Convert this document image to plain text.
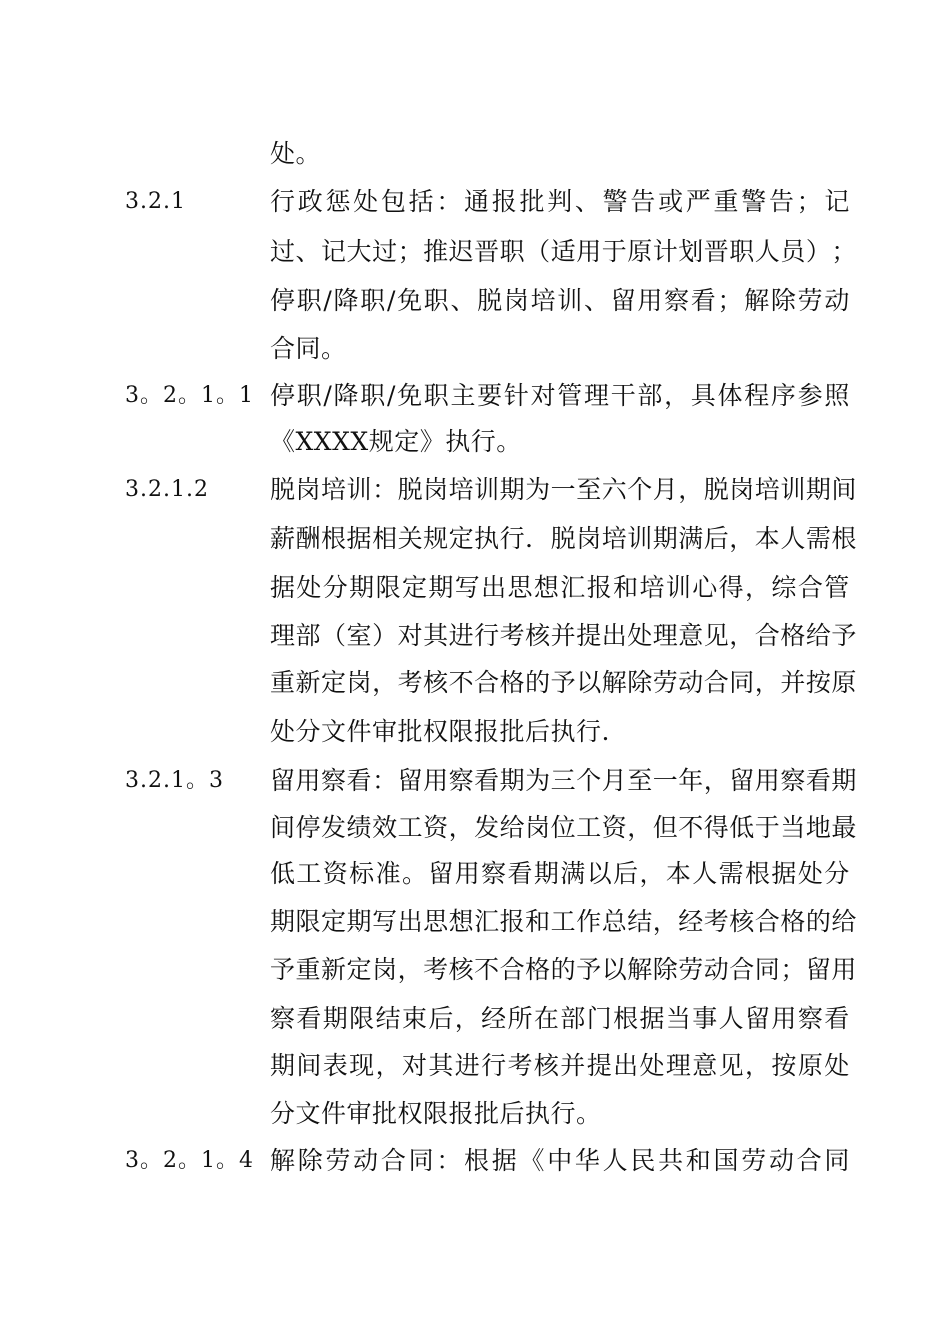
处。
3.2.1	行 政 惩 处 包 括 ： 通 报 批 判 、 警 告 或 严 重 警 告 ； 记
过 、 记 大 过 ； 推 迟 晋 职 （ 适 用 于 原 计 划 晋 职 人 员 ） ；
停 职 / 降 职 / 免 职 、 脱 岗 培 训 、 留 用 察 看 ； 解 除 劳 动
合同。
3。2。1。1 停 职 / 降 职 / 免 职 主 要 针 对 管 理 干 部 ， 具 体 程 序 参 照
《XXXX规定》执行。
3.2.1.2 脱 岗 培 训 ： 脱 岗 培 训 期 为 一 至 六 个 月 ， 脱 岗 培 训 期 间
薪 酬 根 据 相 关 规 定 执 行 ． 脱 岗 培 训 期 满 后 ， 本 人 需 根
据 处 分 期 限 定 期 写 出 思 想 汇 报 和 培 训 心 得 ， 综 合 管
理 部 （ 室 ） 对 其 进 行 考 核 并 提 出 处 理 意 见 ， 合 格 给 予
重 新 定 岗 ， 考 核 不 合 格 的 予 以 解 除 劳 动 合 同 ， 并 按 原
处分文件审批权限报批后执行.
3.2.1。3 留 用 察 看 ： 留 用 察 看 期 为 三 个 月 至 一 年 ， 留 用 察 看 期
间 停 发 绩 效 工 资 ， 发 给 岗 位 工 资 ， 但 不 得 低 于 当 地 最
低 工 资 标 准 。 留 用 察 看 期 满 以 后 ， 本 人 需 根 据 处 分
期 限 定 期 写 出 思 想 汇 报 和 工 作 总 结 ， 经 考 核 合 格 的 给
予 重 新 定 岗 ， 考 核 不 合 格 的 予 以 解 除 劳 动 合 同 ； 留 用
察 看 期 限 结 束 后 ， 经 所 在 部 门 根 据 当 事 人 留 用 察 看
期 间 表 现 ， 对 其 进 行 考 核 并 提 出 处 理 意 见 ， 按 原 处
分文件审批权限报批后执行。
3。2。1。4 解 除 劳 动 合 同 ： 根 据 《 中 华 人 民 共 和 国 劳 动 合 同
